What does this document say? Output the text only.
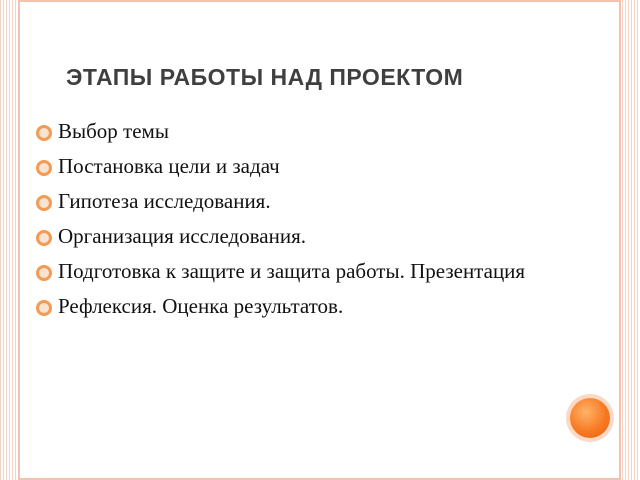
ЭТАПЫ РАБОТЫ НАД ПРОЕКТОМ
Выбор темы
Постановка цели и задач
Гипотеза исследования.
Организация исследования.
Подготовка к защите и защита работы. Презентация
Рефлексия. Оценка результатов.
